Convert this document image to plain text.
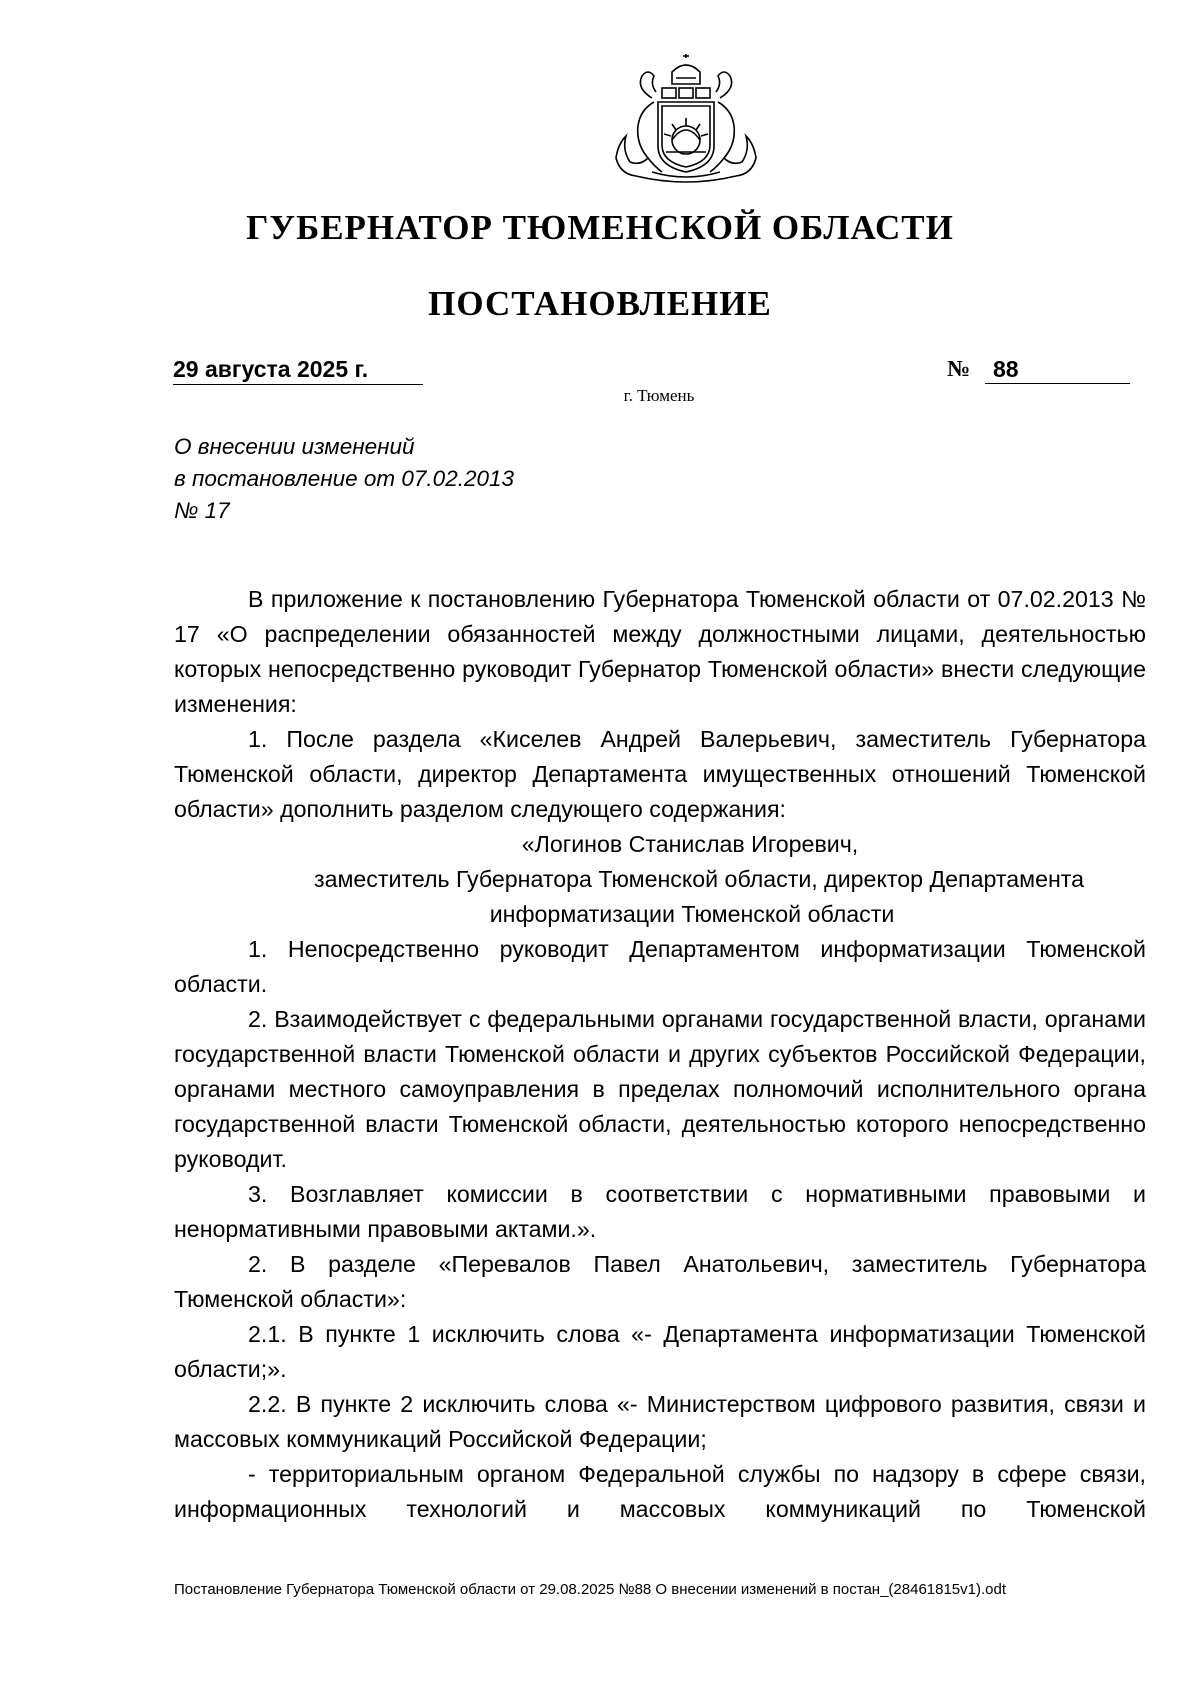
ГУБЕРНАТОР ТЮМЕНСКОЙ ОБЛАСТИ
ПОСТАНОВЛЕНИЕ
29 августа 2025 г.	№ 88
г. Тюмень
О внесении изменений
в постановление от 07.02.2013
№ 17

В приложение к постановлению Губернатора Тюменской области от 07.02.2013 № 17 «О распределении обязанностей между должностными лицами, деятельностью которых непосредственно руководит Губернатор Тюменской области» внести следующие изменения:

1. После раздела «Киселев Андрей Валерьевич, заместитель Губернатора Тюменской области, директор Департамента имущественных отношений Тюменской области» дополнить разделом следующего содержания:

«Логинов Станислав Игоревич,

заместитель Губернатора Тюменской области, директор Департамента

информатизации Тюменской области

1. Непосредственно руководит Департаментом информатизации Тюменской области.

2. Взаимодействует с федеральными органами государственной власти, органами государственной власти Тюменской области и других субъектов Российской Федерации, органами местного самоуправления в пределах полномочий исполнительного органа государственной власти Тюменской области, деятельностью которого непосредственно руководит.

3. Возглавляет комиссии в соответствии с нормативными правовыми и ненормативными правовыми актами.».

2. В разделе «Перевалов Павел Анатольевич, заместитель Губернатора Тюменской области»:

2.1. В пункте 1 исключить слова «- Департамента информатизации Тюменской области;».

2.2. В пункте 2 исключить слова «- Министерством цифрового развития, связи и массовых коммуникаций Российской Федерации;

- территориальным органом Федеральной службы по надзору в сфере связи, информационных технологий и массовых коммуникаций по Тюменской

Постановление Губернатора Тюменской области от 29.08.2025 №88 О внесении изменений в постан_(28461815v1).odt
